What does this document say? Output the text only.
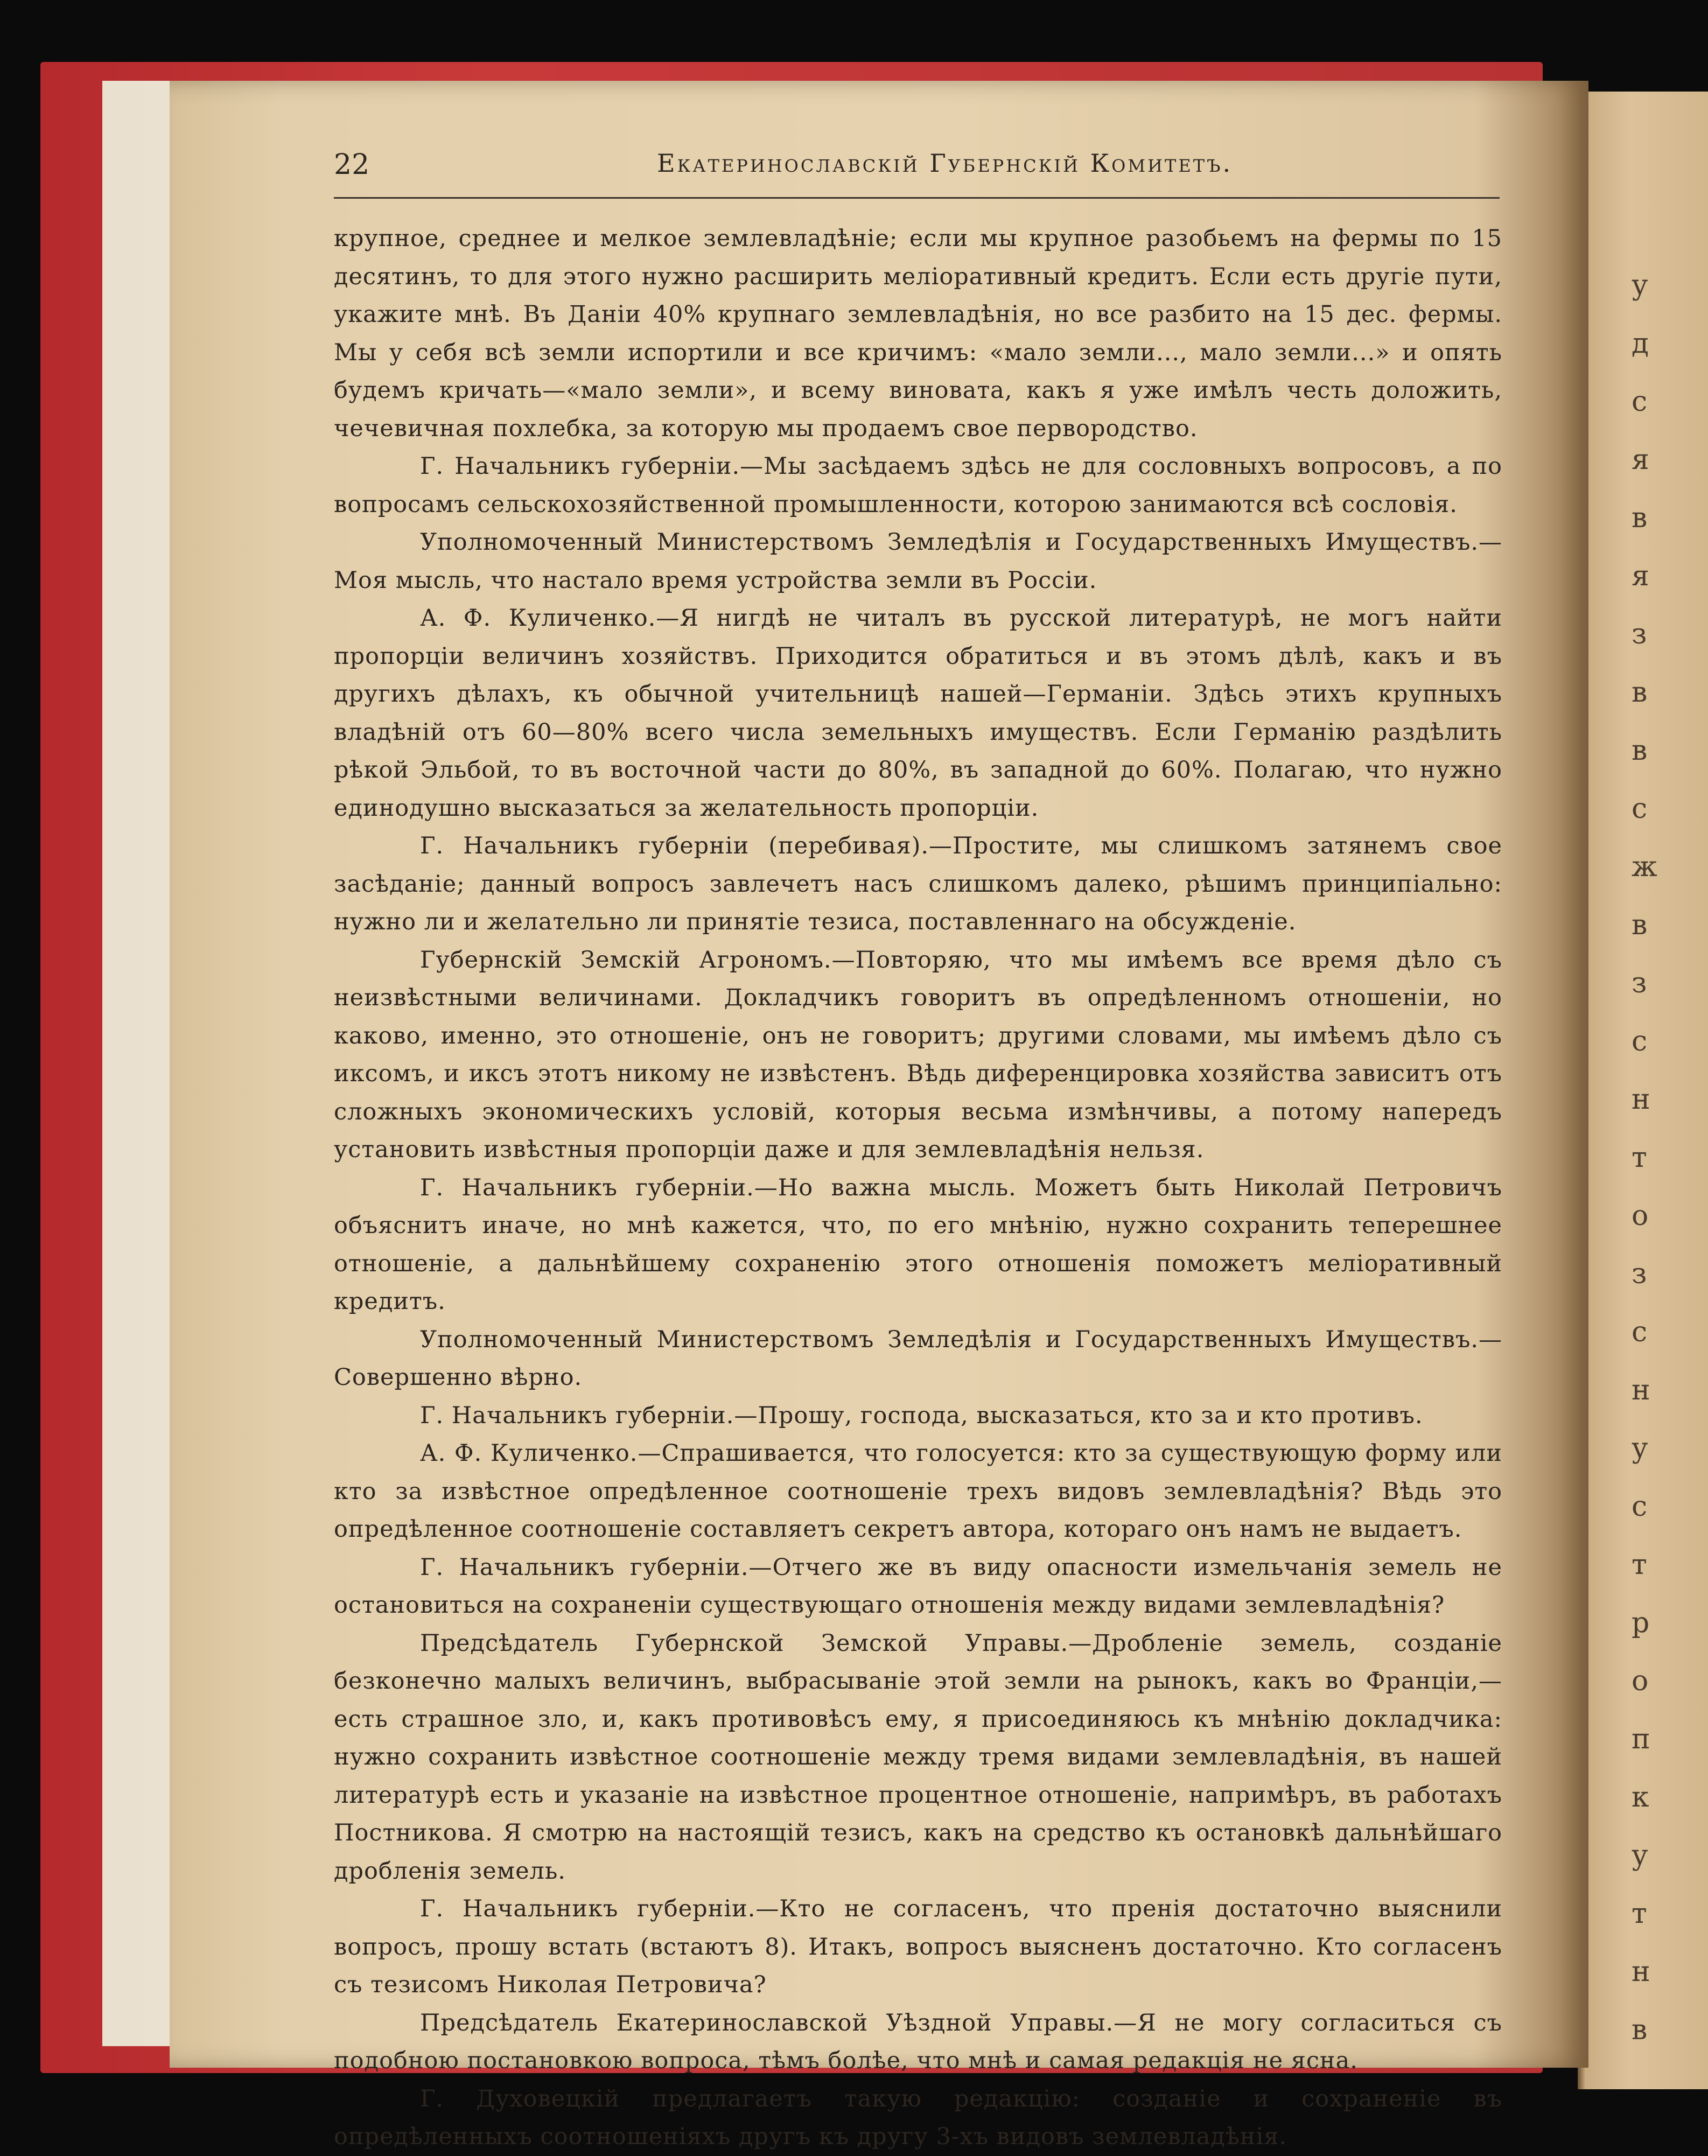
у
д
с
я
в
я
з
в
в
с
ж
в
з
с
н
т
о
з
с
н
у
с
т
р
о
п
к
у
т
н
в
22	Екатеринославскій Губернскій Комитетъ.

крупное, среднее и мелкое землевладѣніе; если мы крупное разобьемъ на фермы по 15 десятинъ, то для этого нужно расширить меліоративный кредитъ. Если есть другіе пути, укажите мнѣ. Въ Даніи 40% крупнаго землевладѣнія, но все разбито на 15 дес. фермы. Мы у себя всѣ земли испортили и все кричимъ: «мало земли..., мало земли...» и опять будемъ кричать—«мало земли», и всему виновата, какъ я уже имѣлъ честь доложить, чечевичная похлебка, за которую мы продаемъ свое первородство.

Г. Начальникъ губерніи.—Мы засѣдаемъ здѣсь не для сословныхъ вопросовъ, а по вопросамъ сельскохозяйственной промышленности, которою занимаются всѣ сословія.

Уполномоченный Министерствомъ Земледѣлія и Государственныхъ Имуществъ.—Моя мысль, что настало время устройства земли въ Россіи.

А. Ф. Куличенко.—Я нигдѣ не читалъ въ русской литературѣ, не могъ найти пропорціи величинъ хозяйствъ. Приходится обратиться и въ этомъ дѣлѣ, какъ и въ другихъ дѣлахъ, къ обычной учительницѣ нашей—Германіи. Здѣсь этихъ крупныхъ владѣній отъ 60—80% всего числа земельныхъ имуществъ. Если Германію раздѣлить рѣкой Эльбой, то въ восточной части до 80%, въ западной до 60%. Полагаю, что нужно единодушно высказаться за желательность пропорціи.

Г. Начальникъ губерніи (перебивая).—Простите, мы слишкомъ затянемъ свое засѣданіе; данный вопросъ завлечетъ насъ слишкомъ далеко, рѣшимъ принципіально: нужно ли и желательно ли принятіе тезиса, поставленнаго на обсужденіе.

Губернскій Земскій Агрономъ.—Повторяю, что мы имѣемъ все время дѣло съ неизвѣстными величинами. Докладчикъ говоритъ въ опредѣленномъ отношеніи, но каково, именно, это отношеніе, онъ не говоритъ; другими словами, мы имѣемъ дѣло съ иксомъ, и иксъ этотъ никому не извѣстенъ. Вѣдь диференцировка хозяйства зависитъ отъ сложныхъ экономическихъ условій, которыя весьма измѣнчивы, а потому напередъ установить извѣстныя пропорціи даже и для землевладѣнія нельзя.

Г. Начальникъ губерніи.—Но важна мысль. Можетъ быть Николай Петровичъ объяснитъ иначе, но мнѣ кажется, что, по его мнѣнію, нужно сохранить теперешнее отношеніе, а дальнѣйшему сохраненію этого отношенія поможетъ меліоративный кредитъ.

Уполномоченный Министерствомъ Земледѣлія и Государственныхъ Имуществъ.—Совершенно вѣрно.

Г. Начальникъ губерніи.—Прошу, господа, высказаться, кто за и кто противъ.

А. Ф. Куличенко.—Спрашивается, что голосуется: кто за существующую форму или кто за извѣстное опредѣленное соотношеніе трехъ видовъ землевладѣнія? Вѣдь это опредѣленное соотношеніе составляетъ секретъ автора, котораго онъ намъ не выдаетъ.

Г. Начальникъ губерніи.—Отчего же въ виду опасности измельчанія земель не остановиться на сохраненіи существующаго отношенія между видами землевладѣнія?

Предсѣдатель Губернской Земской Управы.—Дробленіе земель, созданіе безконечно малыхъ величинъ, выбрасываніе этой земли на рынокъ, какъ во Франціи,—есть страшное зло, и, какъ противовѣсъ ему, я присоединяюсь къ мнѣнію докладчика: нужно сохранить извѣстное соотношеніе между тремя видами землевладѣнія, въ нашей литературѣ есть и указаніе на извѣстное процентное отношеніе, напримѣръ, въ работахъ Постникова. Я смотрю на настоящій тезисъ, какъ на средство къ остановкѣ дальнѣйшаго дробленія земель.

Г. Начальникъ губерніи.—Кто не согласенъ, что пренія достаточно выяснили вопросъ, прошу встать (встаютъ 8). Итакъ, вопросъ выясненъ достаточно. Кто согласенъ съ тезисомъ Николая Петровича?

Предсѣдатель Екатеринославской Уѣздной Управы.—Я не могу согласиться съ подобною постановкою вопроса, тѣмъ болѣе, что мнѣ и самая редакція не ясна.

Г. Духовецкій предлагаетъ такую редакцію: созданіе и сохраненіе въ опредѣленныхъ соотношеніяхъ другъ къ другу 3-хъ видовъ землевладѣнія.
